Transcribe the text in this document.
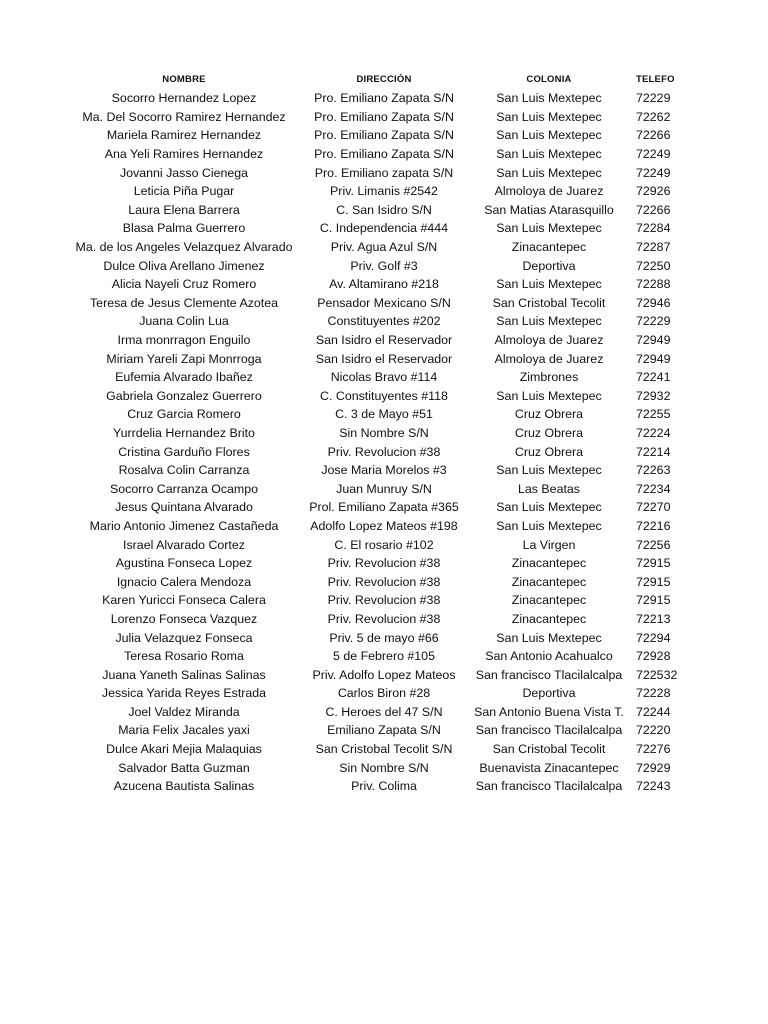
NOMBRE	DIRECCIÓN	COLONIA	TELEFO
Socorro Hernandez Lopez	Pro. Emiliano Zapata S/N	San Luis Mextepec	72229
Ma. Del Socorro Ramirez Hernandez	Pro. Emiliano Zapata S/N	San Luis Mextepec	72262
Mariela Ramirez Hernandez	Pro. Emiliano Zapata S/N	San Luis Mextepec	72266
Ana Yeli Ramires Hernandez	Pro. Emiliano Zapata S/N	San Luis Mextepec	72249
Jovanni Jasso Cienega	Pro. Emiliano zapata S/N	San Luis Mextepec	72249
Leticia Piña Pugar	Priv. Limanis #2542	Almoloya de Juarez	72926
Laura Elena Barrera	C. San Isidro S/N	San Matias Atarasquillo	72266
Blasa Palma Guerrero	C. Independencia #444	San Luis Mextepec	72284
Ma. de los Angeles Velazquez Alvarado	Priv. Agua Azul S/N	Zinacantepec	72287
Dulce Oliva Arellano Jimenez	Priv. Golf #3	Deportiva	72250
Alicia Nayeli Cruz Romero	Av. Altamirano #218	San Luis Mextepec	72288
Teresa de Jesus Clemente Azotea	Pensador Mexicano S/N	San Cristobal Tecolit	72946
Juana Colin Lua	Constituyentes #202	San Luis Mextepec	72229
Irma monrragon Enguilo	San Isidro el Reservador	Almoloya de Juarez	72949
Miriam Yareli Zapi Monrroga	San Isidro el Reservador	Almoloya de Juarez	72949
Eufemia Alvarado Ibañez	Nicolas Bravo #114	Zimbrones	72241
Gabriela Gonzalez Guerrero	C. Constituyentes #118	San Luis Mextepec	72932
Cruz Garcia Romero	C. 3 de Mayo #51	Cruz Obrera	72255
Yurrdelia Hernandez Brito	Sin Nombre S/N	Cruz Obrera	72224
Cristina Garduño Flores	Priv. Revolucion #38	Cruz Obrera	72214
Rosalva Colin Carranza	Jose Maria Morelos #3	San Luis Mextepec	72263
Socorro Carranza Ocampo	Juan Munruy S/N	Las Beatas	72234
Jesus Quintana Alvarado	Prol. Emiliano Zapata #365	San Luis Mextepec	72270
Mario Antonio Jimenez Castañeda	Adolfo Lopez Mateos #198	San Luis Mextepec	72216
Israel Alvarado Cortez	C. El rosario #102	La Virgen	72256
Agustina Fonseca Lopez	Priv. Revolucion #38	Zinacantepec	72915
Ignacio Calera Mendoza	Priv. Revolucion #38	Zinacantepec	72915
Karen Yuricci Fonseca Calera	Priv. Revolucion #38	Zinacantepec	72915
Lorenzo Fonseca Vazquez	Priv. Revolucion #38	Zinacantepec	72213
Julia Velazquez Fonseca	Priv. 5 de mayo #66	San Luis Mextepec	72294
Teresa Rosario Roma	5 de Febrero #105	San Antonio Acahualco	72928
Juana Yaneth Salinas Salinas	Priv. Adolfo Lopez Mateos	San francisco Tlacilalcalpa	722532
Jessica Yarida Reyes Estrada	Carlos Biron #28	Deportiva	72228
Joel Valdez Miranda	C. Heroes del 47 S/N	San Antonio Buena Vista T.	72244
Maria Felix Jacales yaxi	Emiliano Zapata S/N	San francisco Tlacilalcalpa	72220
Dulce Akari Mejia Malaquias	San Cristobal Tecolit S/N	San Cristobal Tecolit	72276
Salvador Batta Guzman	Sin Nombre S/N	Buenavista Zinacantepec	72929
Azucena Bautista Salinas	Priv. Colima	San francisco Tlacilalcalpa	72243
